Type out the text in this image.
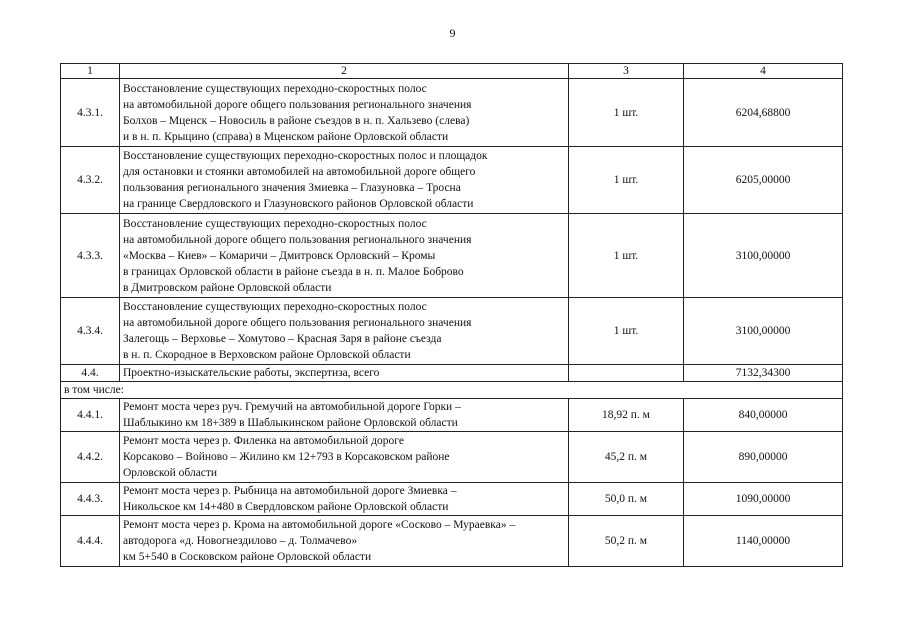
9
1	2	3	4
4.3.1.	Восстановление существующих переходно-скоростных полос
на автомобильной дороге общего пользования регионального значения
Болхов – Мценск – Новосиль в районе съездов в н. п. Хальзево (слева)
и в н. п. Крыцино (справа) в Мценском районе Орловской области	1 шт.	6204,68800
4.3.2.	Восстановление существующих переходно-скоростных полос и площадок
для остановки и стоянки автомобилей на автомобильной дороге общего
пользования регионального значения Змиевка – Глазуновка – Тросна
на границе Свердловского и Глазуновского районов Орловской области	1 шт.	6205,00000
4.3.3.	Восстановление существующих переходно-скоростных полос
на автомобильной дороге общего пользования регионального значения
«Москва – Киев» – Комаричи – Дмитровск Орловский – Кромы
в границах Орловской области в районе съезда в н. п. Малое Боброво
в Дмитровском районе Орловской области	1 шт.	3100,00000
4.3.4.	Восстановление существующих переходно-скоростных полос
на автомобильной дороге общего пользования регионального значения
Залегощь – Верховье – Хомутово – Красная Заря в районе съезда
в н. п. Скородное в Верховском районе Орловской области	1 шт.	3100,00000
4.4.	Проектно-изыскательские работы, экспертиза, всего		7132,34300
в том числе:			
4.4.1.	Ремонт моста через руч. Гремучий на автомобильной дороге Горки –
Шаблыкино км 18+389 в Шаблыкинском районе Орловской области	18,92 п. м	840,00000
4.4.2.	Ремонт моста через р. Филенка на автомобильной дороге
Корсаково – Войново – Жилино км 12+793 в Корсаковском районе
Орловской области	45,2 п. м	890,00000
4.4.3.	Ремонт моста через р. Рыбница на автомобильной дороге Змиевка –
Никольское км 14+480 в Свердловском районе Орловской области	50,0 п. м	1090,00000
4.4.4.	Ремонт моста через р. Крома на автомобильной дороге «Сосково – Мураевка» –
автодорога «д. Новогнездилово – д. Толмачево»
км 5+540 в Сосковском районе Орловской области	50,2 п. м	1140,00000
